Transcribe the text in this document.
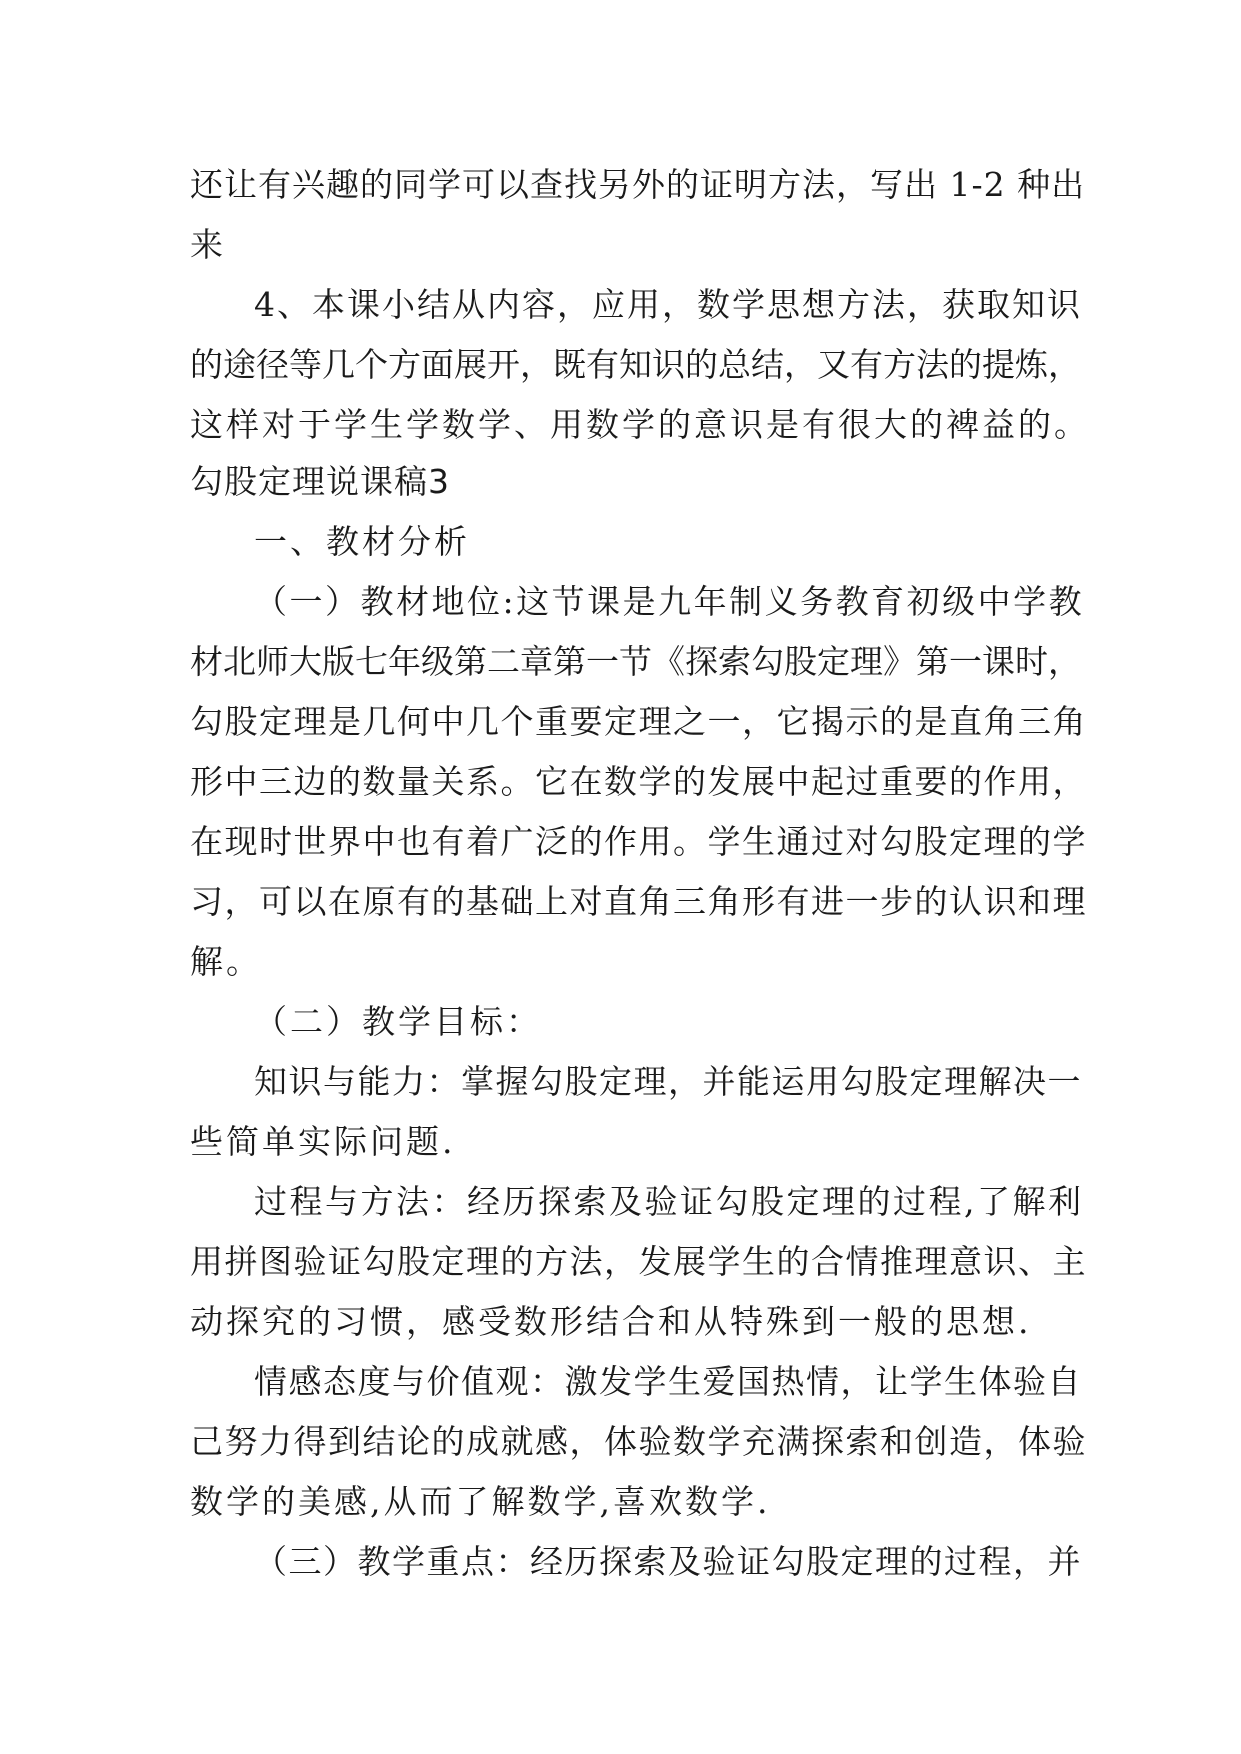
还让有兴趣的同学可以查找另外的证明方法，写出 1-2 种出
来
4、本课小结从内容，应用，数学思想方法，获取知识
的途径等几个方面展开，既有知识的总结，又有方法的提炼，
这样对于学生学数学、用数学的意识是有很大的裨益的。
勾股定理说课稿3
一、教材分析
（一）教材地位:这节课是九年制义务教育初级中学教
材北师大版七年级第二章第一节《探索勾股定理》第一课时，
勾股定理是几何中几个重要定理之一，它揭示的是直角三角
形中三边的数量关系。它在数学的发展中起过重要的作用，
在现时世界中也有着广泛的作用。学生通过对勾股定理的学
习，可以在原有的基础上对直角三角形有进一步的认识和理
解。
（二）教学目标：
知识与能力：掌握勾股定理，并能运用勾股定理解决一
些简单实际问题.
过程与方法：经历探索及验证勾股定理的过程,了解利
用拼图验证勾股定理的方法，发展学生的合情推理意识、主
动探究的习惯，感受数形结合和从特殊到一般的思想.
情感态度与价值观：激发学生爱国热情，让学生体验自
己努力得到结论的成就感，体验数学充满探索和创造，体验
数学的美感,从而了解数学,喜欢数学.
（三）教学重点：经历探索及验证勾股定理的过程，并
